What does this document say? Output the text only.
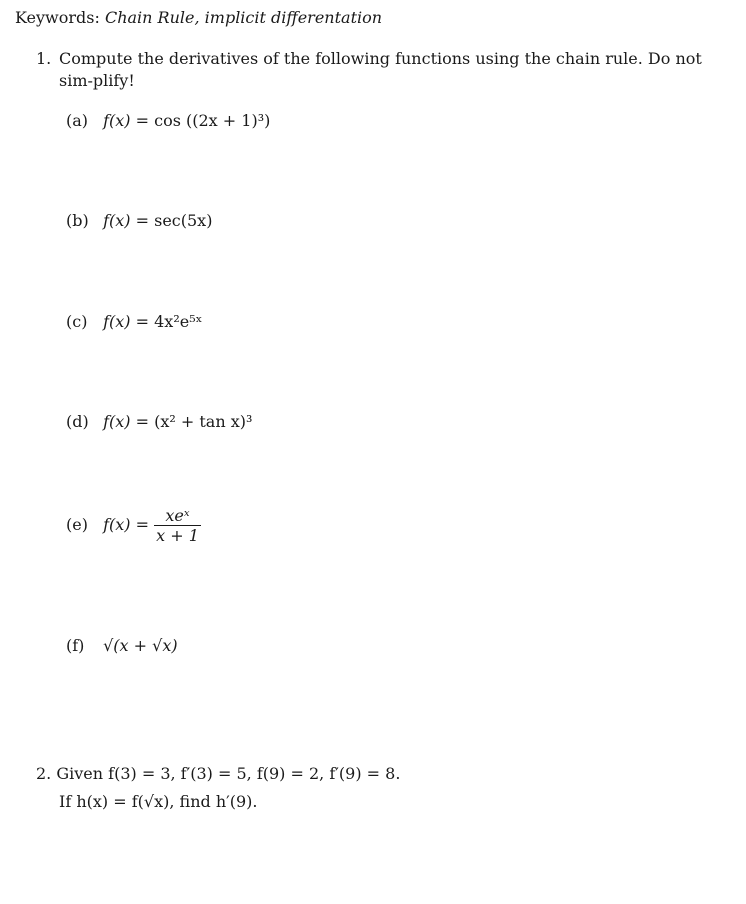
Keywords: Chain Rule, implicit differentation
1. Compute the derivatives of the following functions using the chain rule. Do not sim-plify!
(a) f(x) = cos ((2x + 1)³)
(b) f(x) = sec(5x)
(c) f(x) = 4x²e⁵ˣ
(d) f(x) = (x² + tan x)³
(e) $f(x) = \frac{\text{xeˣ}}{x + 1}$
(f) √(x + √x)
2. Given f(3) = 3, f′(3) = 5, f(9) = 2, f′(9) = 8.
If h(x) = f(√x), find h′(9).
